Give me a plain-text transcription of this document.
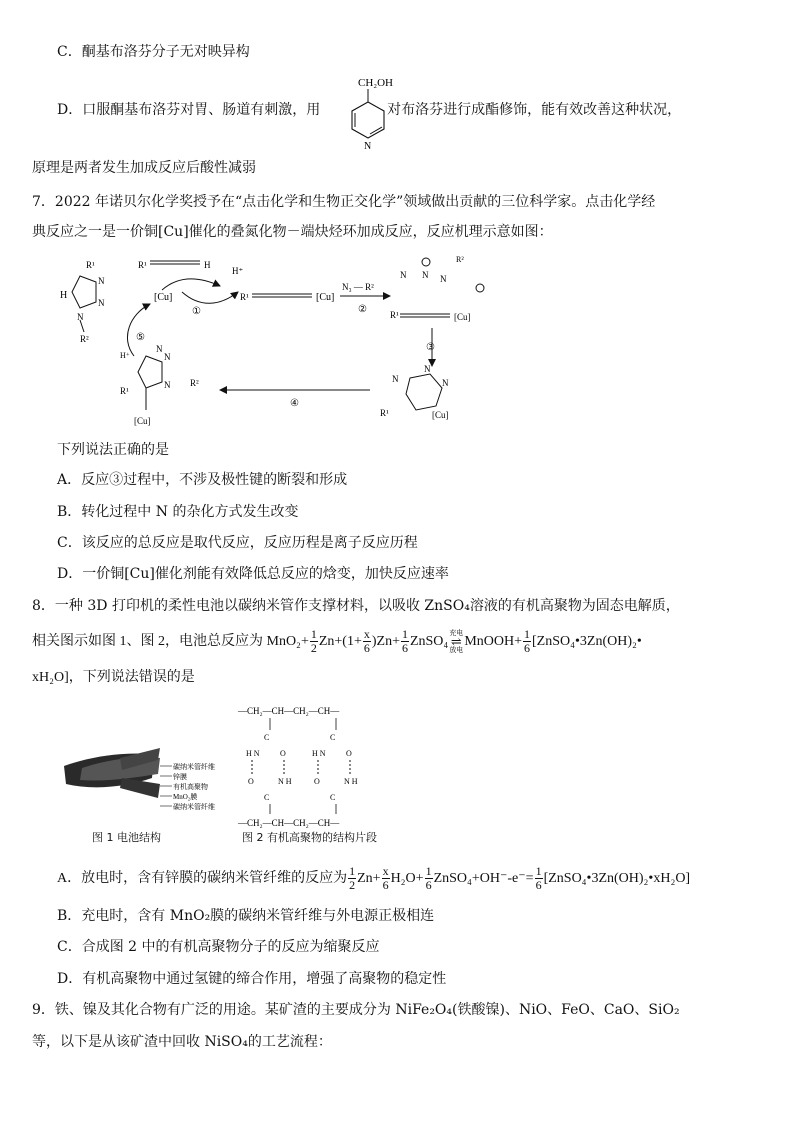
C．酮基布洛芬分子无对映异构
D．口服酮基布洛芬对胃、肠道有刺激，用	对布洛芬进行成酯修饰，能有效改善这种状况，
CH₂OH
N
原理是两者发生加成反应后酸性减弱
7．2022 年诺贝尔化学奖授予在“点击化学和生物正交化学”领域做出贡献的三位科学家。点击化学经
典反应之一是一价铜[Cu]催化的叠氮化物－端炔烃环加成反应，反应机理示意如图：
R¹
H
N
N
N
R²
R¹	H
H⁺
[Cu]
①
R¹	[Cu]
N₃ — R²
②
N N N
R²
R¹	[Cu]
③
N
N
N
R¹	[Cu]
④
N
N
N R²
R¹
[Cu]
H⁺
⑤
下列说法正确的是
A．反应③过程中，不涉及极性键的断裂和形成
B．转化过程中 N 的杂化方式发生改变
C．该反应的总反应是取代反应，反应历程是离子反应历程
D．一价铜[Cu]催化剂能有效降低总反应的焓变，加快反应速率
8．一种 3D 打印机的柔性电池以碳纳米管作支撑材料，以吸收 ZnSO₄溶液的有机高聚物为固态电解质，
相关图示如图 1、图 2，电池总反应为 $MnO_2+ \frac{1}{2} Zn+(1+ \frac{x}{6} )Zn+ \frac{1}{6}$ ZnSO₄充电
⇌
放电MnOOH+ $\frac{1}{6}$ [ZnSO₄•3Zn(OH)₂•
xH₂O]，下列说法错误的是
碳纳米管纤维
锌膜
有机高聚物
MnO₂膜
碳纳米管纤维
图 1 电池结构
—CH₂—CH—CH₂—CH—
C	C
H N	O	H N	O
O	N H	O	N H
C	C
—CH₂—CH—CH₂—CH—
图 2 有机高聚物的结构片段
A．放电时，含有锌膜的碳纳米管纤维的反应为 $\frac{1}{2} Zn+ \frac{x}{6} H_2O+ \frac{1}{6}$ ZnSO₄+OH⁻-e⁻= $\frac{1}{6}$ [ZnSO₄•3Zn(OH)₂•xH₂O]
B．充电时，含有 MnO₂膜的碳纳米管纤维与外电源正极相连
C．合成图 2 中的有机高聚物分子的反应为缩聚反应
D．有机高聚物中通过氢键的缔合作用，增强了高聚物的稳定性
9．铁、镍及其化合物有广泛的用途。某矿渣的主要成分为 NiFe₂O₄(铁酸镍)、NiO、FeO、CaO、SiO₂
等，以下是从该矿渣中回收 NiSO₄的工艺流程：
